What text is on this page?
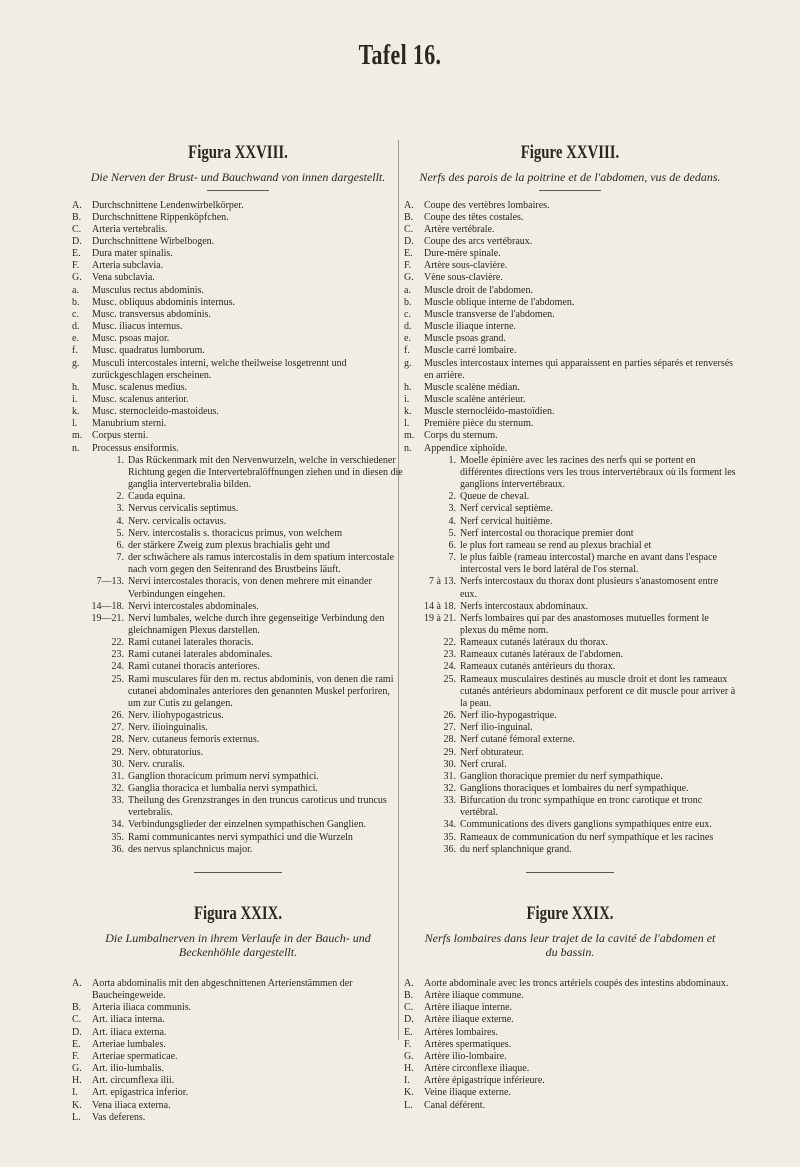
Tafel 16.
Figura XXVIII.
Die Nerven der Brust- und Bauchwand von innen dargestellt.
A.	Durchschnittene Lendenwirbelkörper.
B.	Durchschnittene Rippenköpfchen.
C.	Arteria vertebralis.
D.	Durchschnittene Wirbelbogen.
E.	Dura mater spinalis.
F.	Arteria subclavia.
G.	Vena subclavia.
a.	Musculus rectus abdominis.
b.	Musc. obliquus abdominis internus.
c.	Musc. transversus abdominis.
d.	Musc. iliacus internus.
e.	Musc. psoas major.
f.	Musc. quadratus lumborum.
g.	Musculi intercostales interni, welche theilweise losgetrennt und zurückgeschlagen erscheinen.
h.	Musc. scalenus medius.
i.	Musc. scalenus anterior.
k.	Musc. sternocleido-mastoideus.
l.	Manubrium sterni.
m. Corpus sterni.
n.	Processus ensiformis.
1. Das Rückenmark mit den Nervenwurzeln, welche in verschiedener Richtung gegen die Intervertebralöffnungen ziehen und in diesen die ganglia intervertebralia bilden.
2. Cauda equina.
3. Nervus cervicalis septimus.
4. Nerv. cervicalis octavus.
5. Nerv. intercostalis s. thoracicus primus, von welchem
6. der stärkere Zweig zum plexus brachialis geht und
7. der schwächere als ramus intercostalis in dem spatium intercostale nach vorn gegen den Seitenrand des Brustbeins läuft.
7—13. Nervi intercostales thoracis, von denen mehrere mit einander Verbindungen eingehen.
14—18. Nervi intercostales abdominales.
19—21. Nervi lumbales, welche durch ihre gegenseitige Verbindung den gleichnamigen Plexus darstellen.
22. Rami cutanei laterales thoracis.
23. Rami cutanei laterales abdominales.
24. Rami cutanei thoracis anteriores.
25. Rami musculares für den m. rectus abdominis, von denen die rami cutanei abdominales anteriores den genannten Muskel perforiren, um zur Cutis zu gelangen.
26. Nerv. iliohypogastricus.
27. Nerv. ilioinguinalis.
28. Nerv. cutaneus femoris externus.
29. Nerv. obturatorius.
30. Nerv. cruralis.
31. Ganglion thoracicum primum nervi sympathici.
32. Ganglia thoracica et lumbalia nervi sympathici.
33. Theilung des Grenzstranges in den truncus caroticus und truncus vertebralis.
34. Verbindungsglieder der einzelnen sympathischen Ganglien.
35. Rami communicantes nervi sympathici und die Wurzeln
36. des nervus splanchnicus major.
Figura XXIX.
Die Lumbalnerven in ihrem Verlaufe in der Bauch- und Beckenhöhle dargestellt.
A.	Aorta abdominalis mit den abgeschnittenen Arterienstämmen der Baucheingeweide.
B.	Arteria iliaca communis.
C.	Art. iliaca interna.
D.	Art. iliaca externa.
E.	Arteriae lumbales.
F.	Arteriae spermaticae.
G.	Art. ilio-lumbalis.
H.	Art. circumflexa ilii.
I.	Art. epigastrica inferior.
K.	Vena iliaca externa.
L.	Vas deferens.
Figure XXVIII.
Nerfs des parois de la poitrine et de l'abdomen, vus de dedans.
A.	Coupe des vertèbres lombaires.
B.	Coupe des têtes costales.
C.	Artère vertébrale.
D.	Coupe des arcs vertébraux.
E.	Dure-mère spinale.
F.	Artère sous-clavière.
G.	Vène sous-clavière.
a.	Muscle droit de l'abdomen.
b.	Muscle oblique interne de l'abdomen.
c.	Muscle transverse de l'abdomen.
d.	Muscle iliaque interne.
e.	Muscle psoas grand.
f.	Muscle carré lombaire.
g.	Muscles intercostaux internes qui apparaissent en parties séparés et renversés en arrière.
h.	Muscle scalène médian.
i.	Muscle scalène antérieur.
k.	Muscle sternocléido-mastoïdien.
l.	Première pièce du sternum.
m. Corps du sternum.
n.	Appendice xiphoïde.
1. Moelle épinière avec les racines des nerfs qui se portent en différentes directions vers les trous intervertébraux où ils forment les ganglions intervertébraux.
2. Queue de cheval.
3. Nerf cervical septième.
4. Nerf cervical huitième.
5. Nerf intercostal ou thoracique premier dont
6. le plus fort rameau se rend au plexus brachial et
7. le plus faible (rameau intercostal) marche en avant dans l'espace intercostal vers le bord latéral de l'os sternal.
7 à 13. Nerfs intercostaux du thorax dont plusieurs s'anastomosent entre eux.
14 à 18. Nerfs intercostaux abdominaux.
19 à 21. Nerfs lombaires qui par des anastomoses mutuelles forment le plexus du même nom.
22. Rameaux cutanés latéraux du thorax.
23. Rameaux cutanés latéraux de l'abdomen.
24. Rameaux cutanés antérieurs du thorax.
25. Rameaux musculaires destinés au muscle droit et dont les rameaux cutanés antérieurs abdominaux perforent ce dit muscle pour arriver à la peau.
26. Nerf ilio-hypogastrique.
27. Nerf ilio-inguinal.
28. Nerf cutané fémoral externe.
29. Nerf obturateur.
30. Nerf crural.
31. Ganglion thoracique premier du nerf sympathique.
32. Ganglions thoraciques et lombaires du nerf sympathique.
33. Bifurcation du tronc sympathique en tronc carotique et tronc vertébral.
34. Communications des divers ganglions sympathiques entre eux.
35. Rameaux de communication du nerf sympathique et les racines
36. du nerf splanchnique grand.
Figure XXIX.
Nerfs lombaires dans leur trajet de la cavité de l'abdomen et du bassin.
A.	Aorte abdominale avec les troncs artériels coupés des intestins abdominaux.
B.	Artère iliaque commune.
C.	Artère iliaque interne.
D.	Artère iliaque externe.
E.	Artères lombaires.
F.	Artères spermatiques.
G.	Artère ilio-lombaire.
H.	Artère circonflexe iliaque.
I.	Artère épigastrique inférieure.
K.	Veine iliaque externe.
L.	Canal déférent.
